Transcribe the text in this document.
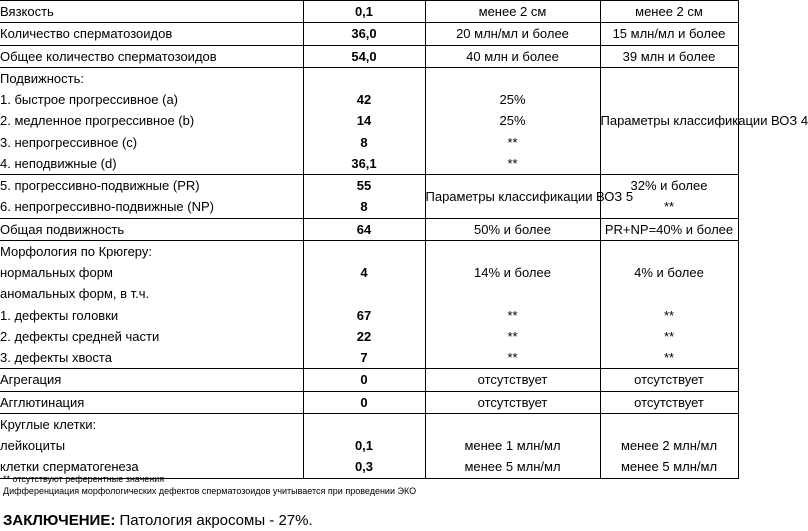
Вязкость	0,1	менее 2 см	менее 2 см
Количество сперматозоидов	36,0	20 млн/мл и более	15 млн/мл и более
Общее количество сперматозоидов	54,0	40 млн и более	39 млн и более
Подвижность:			Параметры классификации ВОЗ 4
1. быстрое прогрессивное (а)	42	25%	
2. медленное прогрессивное (b)	14	25%	
3. непрогрессивное (с)	8	**	
4. неподвижные (d)	36,1	**	
5. прогрессивно-подвижные (PR)	55	Параметры классификации ВОЗ 5	32% и более
6. непрогрессивно-подвижные (NP)	8		**
Общая подвижность	64	50% и более	PR+NP=40% и более
Морфология по Крюгеру:			
нормальных форм	4	14% и более	4% и более
аномальных форм, в т.ч.			
1. дефекты головки	67	**	**
2. дефекты средней части	22	**	**
3. дефекты хвоста	7	**	**
Агрегация	0	отсутствует	отсутствует
Агглютинация	0	отсутствует	отсутствует
Круглые клетки:			
лейкоциты	0,1	менее 1 млн/мл	менее 2 млн/мл
клетки сперматогенеза	0,3	менее 5 млн/мл	менее 5 млн/мл
** отсутствуют референтные значения
Дифференциация морфологических дефектов сперматозоидов учитывается при проведении ЭКО
ЗАКЛЮЧЕНИЕ: Патология акросомы - 27%.
